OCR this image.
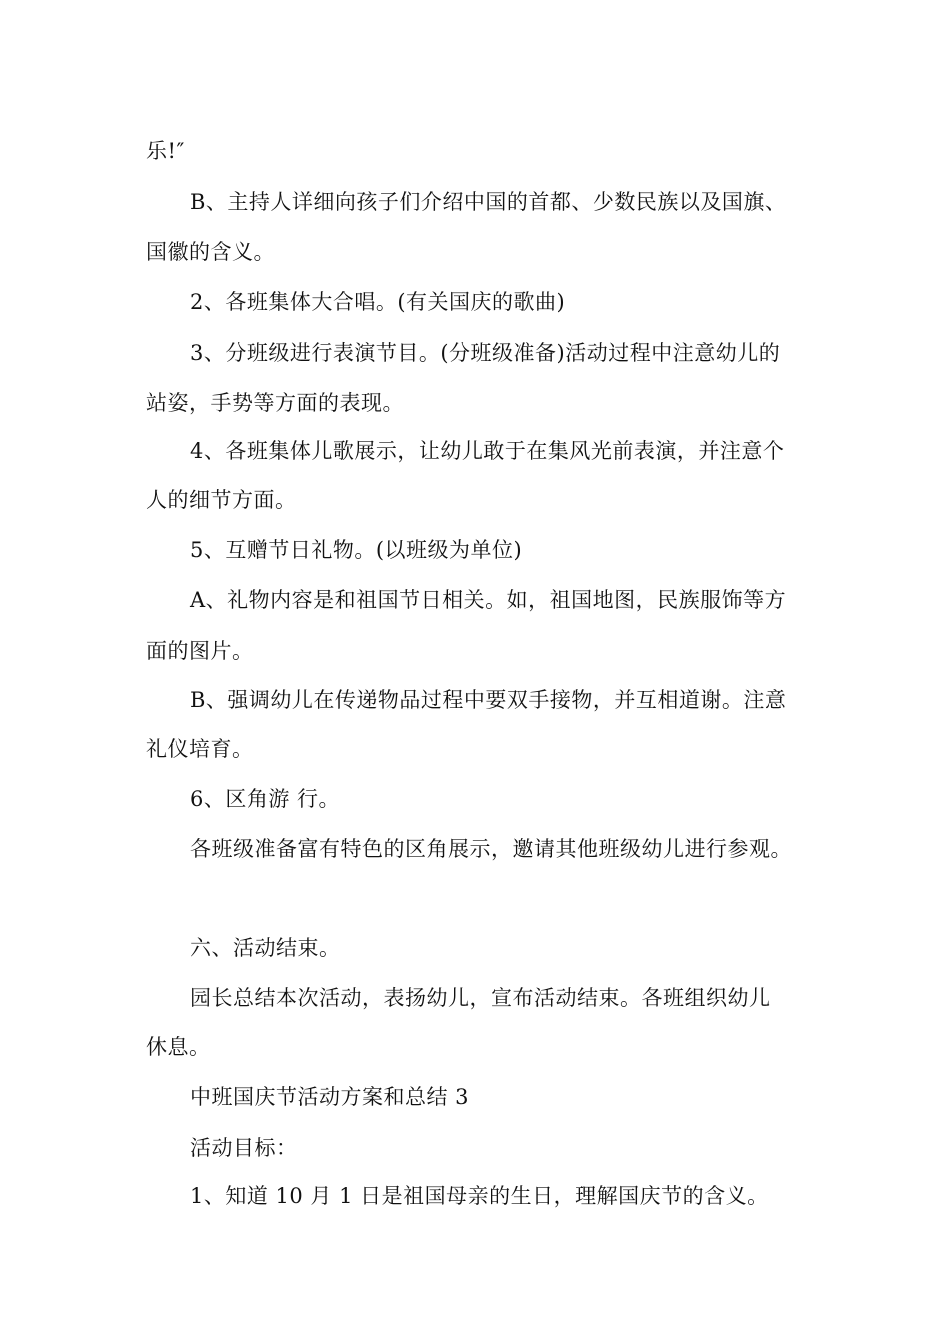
乐!″
B、主持人详细向孩子们介绍中国的首都、少数民族以及国旗、
国徽的含义。
2、各班集体大合唱。(有关国庆的歌曲)
3、分班级进行表演节目。(分班级准备)活动过程中注意幼儿的
站姿，手势等方面的表现。
4、各班集体儿歌展示，让幼儿敢于在集风光前表演，并注意个
人的细节方面。
5、互赠节日礼物。(以班级为单位)
A、礼物内容是和祖国节日相关。如，祖国地图，民族服饰等方
面的图片。
B、强调幼儿在传递物品过程中要双手接物，并互相道谢。注意
礼仪培育。
6、区角游 行。
各班级准备富有特色的区角展示，邀请其他班级幼儿进行参观。
六、活动结束。
园长总结本次活动，表扬幼儿，宣布活动结束。各班组织幼儿
休息。
中班国庆节活动方案和总结 3
活动目标：
1、知道 10 月 1 日是祖国母亲的生日，理解国庆节的含义。
